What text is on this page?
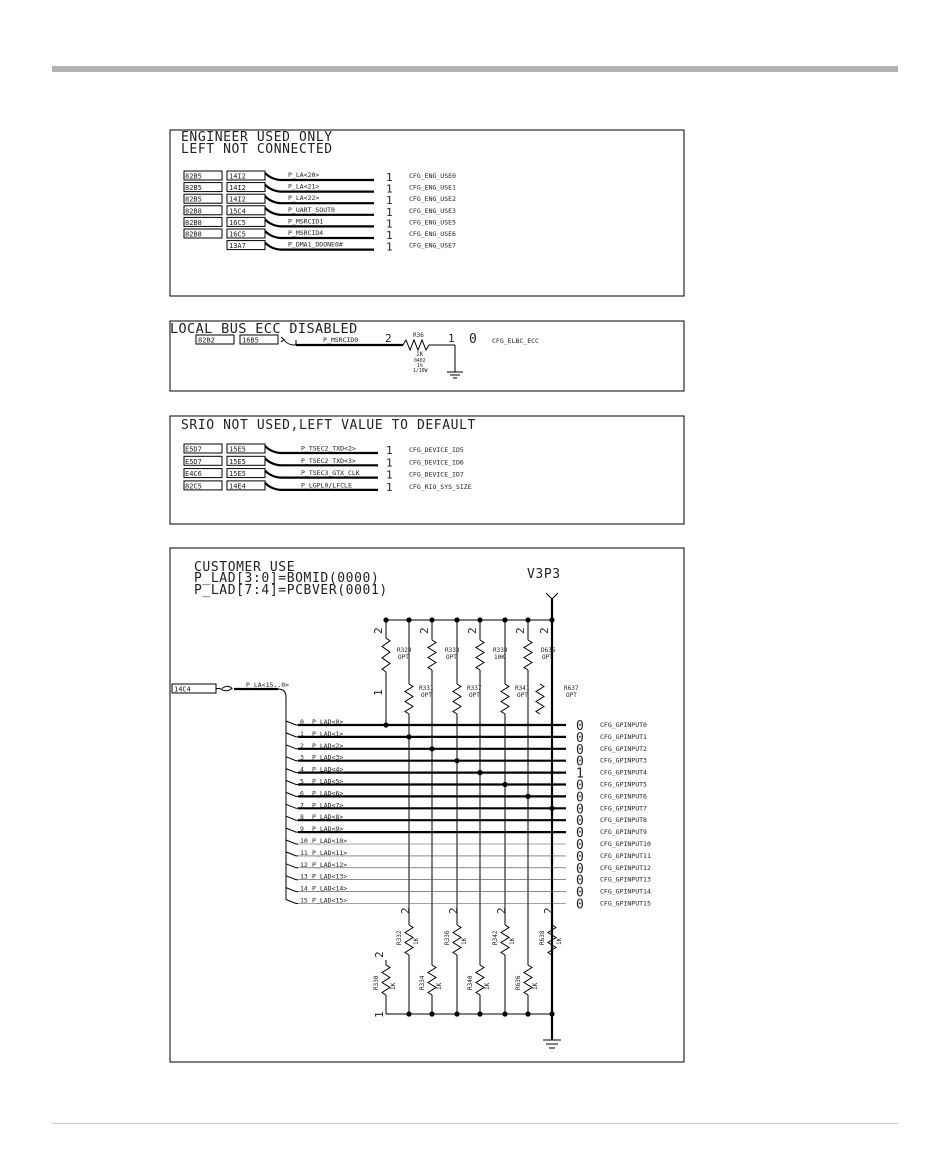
ENGINEER USED ONLY
LEFT NOT CONNECTED
82B5	14I2	P_LA<20>	1	CFG_ENG_USE0
82B5	14I2	P_LA<21>	1	CFG_ENG_USE1
82B5	14I2	P_LA<22>	1	CFG_ENG_USE2
82B8	15C4	P_UART_SOUT0	1	CFG_ENG_USE3
82B8	16C5	P_MSRCID1	1	CFG_ENG_USE5
82B8	16C5	P_MSRCID4	1	CFG_ENG_USE6
13A7	P_DMA1_DDONE0#	1	CFG_ENG_USE7
LOCAL BUS ECC DISABLED
82B2	16B5	P_MSRCID0 2	R36
1K
0402
1%
1/16W
1 0 CFG_ELBC_ECC
SRIO NOT USED,LEFT VALUE TO DEFAULT
E5D7	15E5	P_TSEC2_TXD<2>	1	CFG_DEVICE_ID5
E5D7	15E5	P_TSEC2_TXD<3>	1	CFG_DEVICE_ID6
E4C6	15E5	P_TSEC3_GTX_CLK 1	CFG_DEVICE_ID7
82C5	14E4	P_LGPL0/LFCLE	1	CFG_RIO_SYS_SIZE
CUSTOMER USE
P_LAD[3:0]=BOMID(0000)
P_LAD[7:4]=PCBVER(0001)
V3P3
14C4
P_LA<15..0>
2
1
R329
OPT
2
R333
OPT
2
R339
10K
2
D635
OPT
2
R331
OPT
R337
OPT
R341
OPT
R637
OPT
R332 1K
2
R336 1K
2
R342 1K
2
R638 1K
2
R330 1K	R334 1K	R340 1K	R636 1K
2
1
0 P_LAD<0>	0 CFG_GPINPUT0
1 P_LAD<1>	0 CFG_GPINPUT1
2 P_LAD<2>	0 CFG_GPINPUT2
3 P_LAD<3>	0 CFG_GPINPUT3
4 P_LAD<4>	1 CFG_GPINPUT4
5 P_LAD<5>	0 CFG_GPINPUT5
6 P_LAD<6>	0 CFG_GPINPUT6
7 P_LAD<7>	0 CFG_GPINPUT7
8 P_LAD<8>	0 CFG_GPINPUT8
9 P_LAD<9>	0 CFG_GPINPUT9
10 P_LAD<10>	0 CFG_GPINPUT10
11 P_LAD<11>	0 CFG_GPINPUT11
12 P_LAD<12>	0 CFG_GPINPUT12
13 P_LAD<13>	0 CFG_GPINPUT13
14 P_LAD<14>	0 CFG_GPINPUT14
15 P_LAD<15>	0 CFG_GPINPUT15
